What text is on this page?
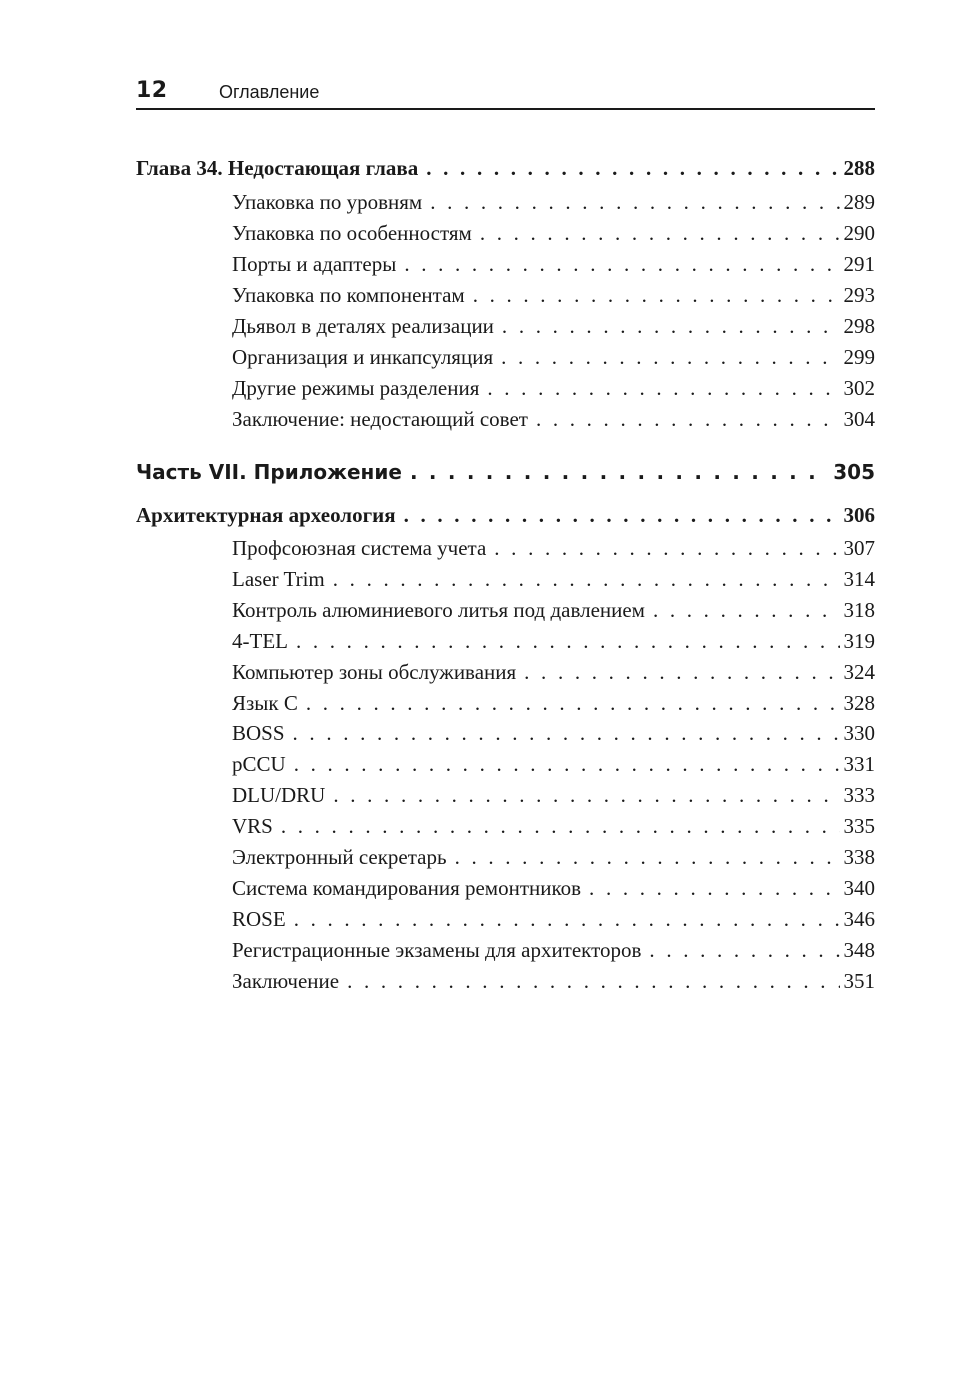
12	Оглавление
Глава 34. Недостающая глава . . .	288
Упаковка по уровням . . .	289
Упаковка по особенностям . . .	290
Порты и адаптеры . . .	291
Упаковка по компонентам . . .	293
Дьявол в деталях реализации . . .	298
Организация и инкапсуляция . . .	299
Другие режимы разделения . . .	302
Заключение: недостающий совет . . .	304
Часть VII. Приложение . . .	305
Архитектурная археология . . .	306
Профсоюзная система учета . . .	307
Laser Trim . . .	314
Контроль алюминиевого литья под давлением . . .	318
4-TEL . . .	319
Компьютер зоны обслуживания . . .	324
Язык C . . .	328
BOSS . . .	330
pCCU . . .	331
DLU/DRU . . .	333
VRS . . .	335
Электронный секретарь . . .	338
Система командирования ремонтников . . .	340
ROSE . . .	346
Регистрационные экзамены для архитекторов . . .	348
Заключение . . .	351
